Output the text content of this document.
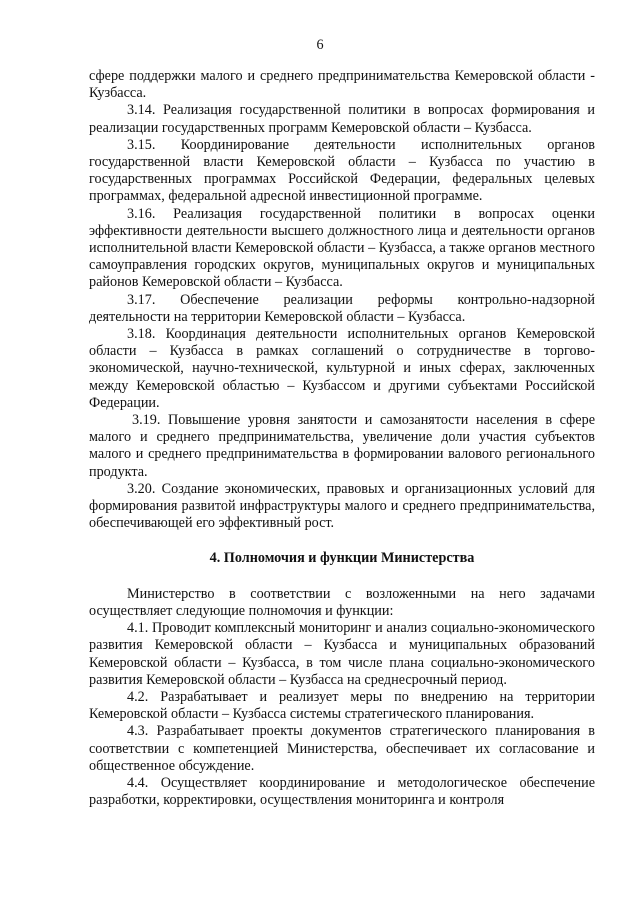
6

сфере поддержки малого и среднего предпринимательства Кемеровской области - Кузбасса.

3.14. Реализация государственной политики в вопросах формирования и реализации государственных программ Кемеровской области – Кузбасса.

3.15. Координирование деятельности исполнительных органов государственной власти Кемеровской области – Кузбасса по участию в государственных программах Российской Федерации, федеральных целевых программах, федеральной адресной инвестиционной программе.

3.16. Реализация государственной политики в вопросах оценки эффективности деятельности высшего должностного лица и деятельности органов исполнительной власти Кемеровской области – Кузбасса, а также органов местного самоуправления городских округов, муниципальных округов и муниципальных районов Кемеровской области – Кузбасса.

3.17. Обеспечение реализации реформы контрольно-надзорной деятельности на территории Кемеровской области – Кузбасса.

3.18. Координация деятельности исполнительных органов Кемеровской области – Кузбасса в рамках соглашений о сотрудничестве в торгово-экономической, научно-технической, культурной и иных сферах, заключенных между Кемеровской областью – Кузбассом и другими субъектами Российской Федерации.

3.19. Повышение уровня занятости и самозанятости населения в сфере малого и среднего предпринимательства, увеличение доли участия субъектов малого и среднего предпринимательства в формировании валового регионального продукта.

3.20. Создание экономических, правовых и организационных условий для формирования развитой инфраструктуры малого и среднего предпринимательства, обеспечивающей его эффективный рост.

4. Полномочия и функции Министерства

Министерство в соответствии с возложенными на него задачами осуществляет следующие полномочия и функции:

4.1. Проводит комплексный мониторинг и анализ социально-экономического развития Кемеровской области – Кузбасса и муниципальных образований Кемеровской области – Кузбасса, в том числе плана социально-экономического развития Кемеровской области – Кузбасса на среднесрочный период.

4.2. Разрабатывает и реализует меры по внедрению на территории Кемеровской области – Кузбасса системы стратегического планирования.

4.3. Разрабатывает проекты документов стратегического планирования в соответствии с компетенцией Министерства, обеспечивает их согласование и общественное обсуждение.

4.4. Осуществляет координирование и методологическое обеспечение разработки, корректировки, осуществления мониторинга и контроля
